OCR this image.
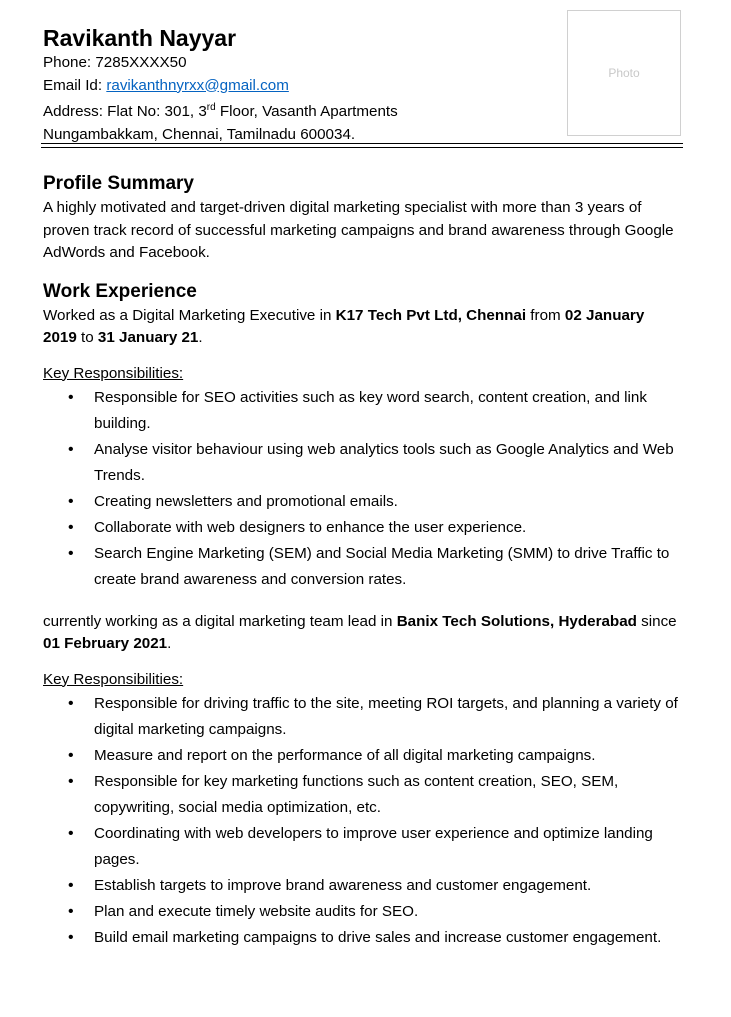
Ravikanth Nayyar
Phone: 7285XXXX50
Email Id: ravikanthnyrxx@gmail.com
Address: Flat No: 301, 3rd Floor, Vasanth Apartments
Nungambakkam, Chennai, Tamilnadu 600034.
Photo
Profile Summary

A highly motivated and target-driven digital marketing specialist with more than 3 years of proven track record of successful marketing campaigns and brand awareness through Google AdWords and Facebook.

Work Experience

Worked as a Digital Marketing Executive in K17 Tech Pvt Ltd, Chennai from 02 January 2019 to 31 January 21.

Key Responsibilities:

• Responsible for SEO activities such as key word search, content creation, and link building.
• Analyse visitor behaviour using web analytics tools such as Google Analytics and Web Trends.
• Creating newsletters and promotional emails.
• Collaborate with web designers to enhance the user experience.
• Search Engine Marketing (SEM) and Social Media Marketing (SMM) to drive Traffic to create brand awareness and conversion rates.

currently working as a digital marketing team lead in Banix Tech Solutions, Hyderabad since 01 February 2021.

Key Responsibilities:

• Responsible for driving traffic to the site, meeting ROI targets, and planning a variety of digital marketing campaigns.
• Measure and report on the performance of all digital marketing campaigns.
• Responsible for key marketing functions such as content creation, SEO, SEM, copywriting, social media optimization, etc.
• Coordinating with web developers to improve user experience and optimize landing pages.
• Establish targets to improve brand awareness and customer engagement.
• Plan and execute timely website audits for SEO.
• Build email marketing campaigns to drive sales and increase customer engagement.
